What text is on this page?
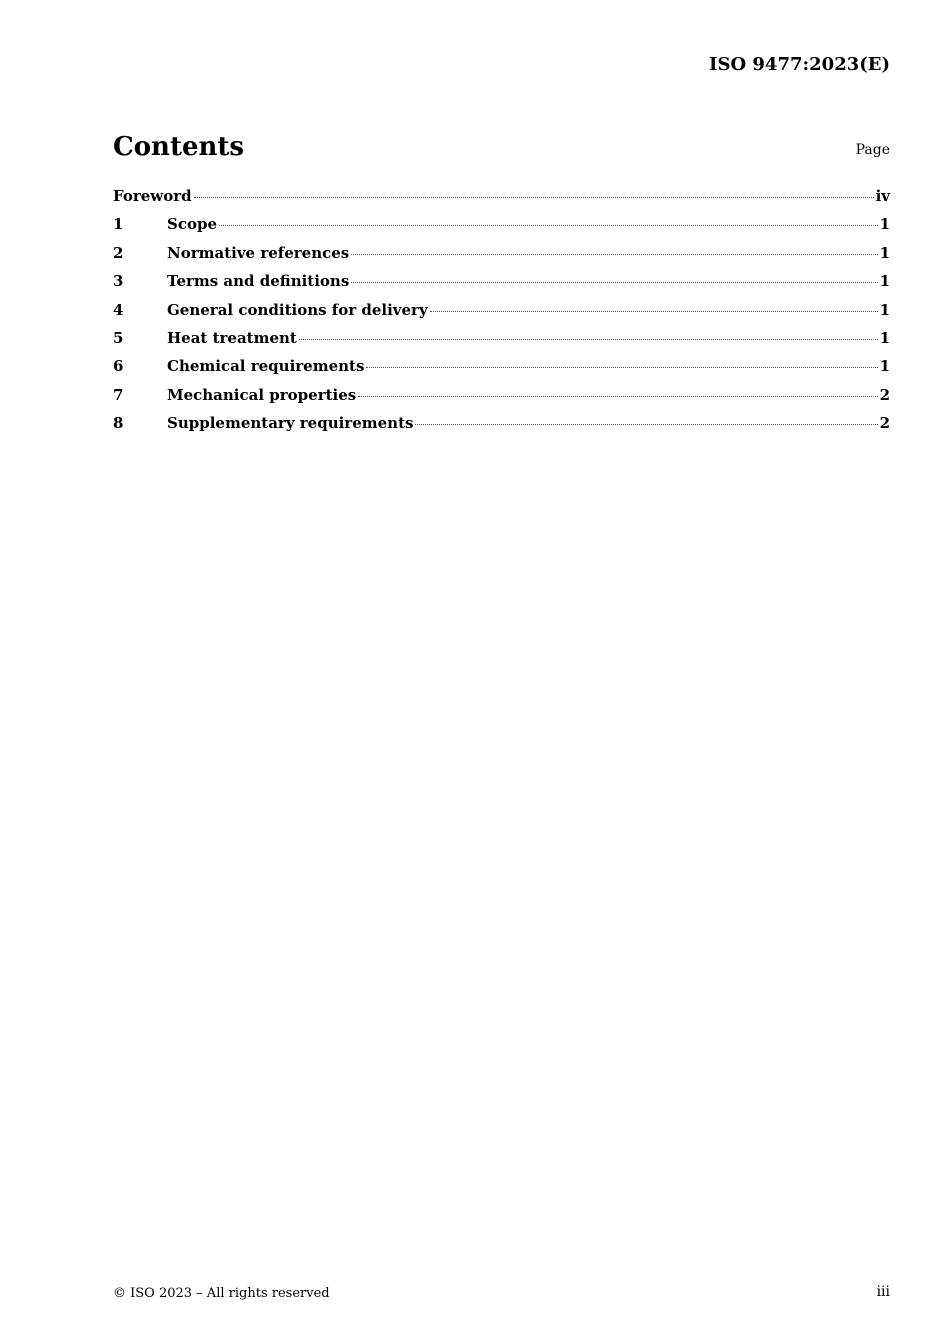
ISO 9477:2023(E)
Contents	Page
Foreword	iv
1	Scope	1
2	Normative references	1
3	Terms and definitions	1
4	General conditions for delivery	1
5	Heat treatment	1
6	Chemical requirements	1
7	Mechanical properties	2
8	Supplementary requirements	2
© ISO 2023 – All rights reserved	iii
